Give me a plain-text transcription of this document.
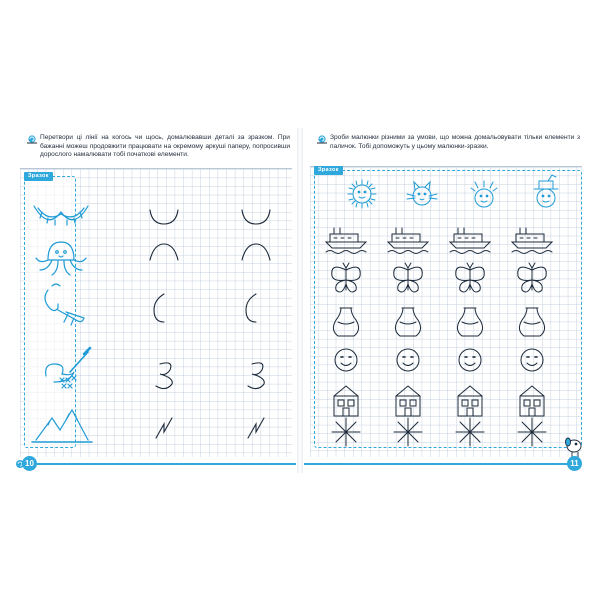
Перетвори ці лінії на когось чи щось, домалювавши деталі за зразком. При бажанні можеш продовжити працювати на окремому аркуші паперу, попросивши дорослого намалювати тобі початкові елементи.
Зразок
10
Зроби малюнки різними за умови, що можна домальовувати тільки елементи з паличок. Тобі допоможуть у цьому малюнки-зразки.
Зразок
11
